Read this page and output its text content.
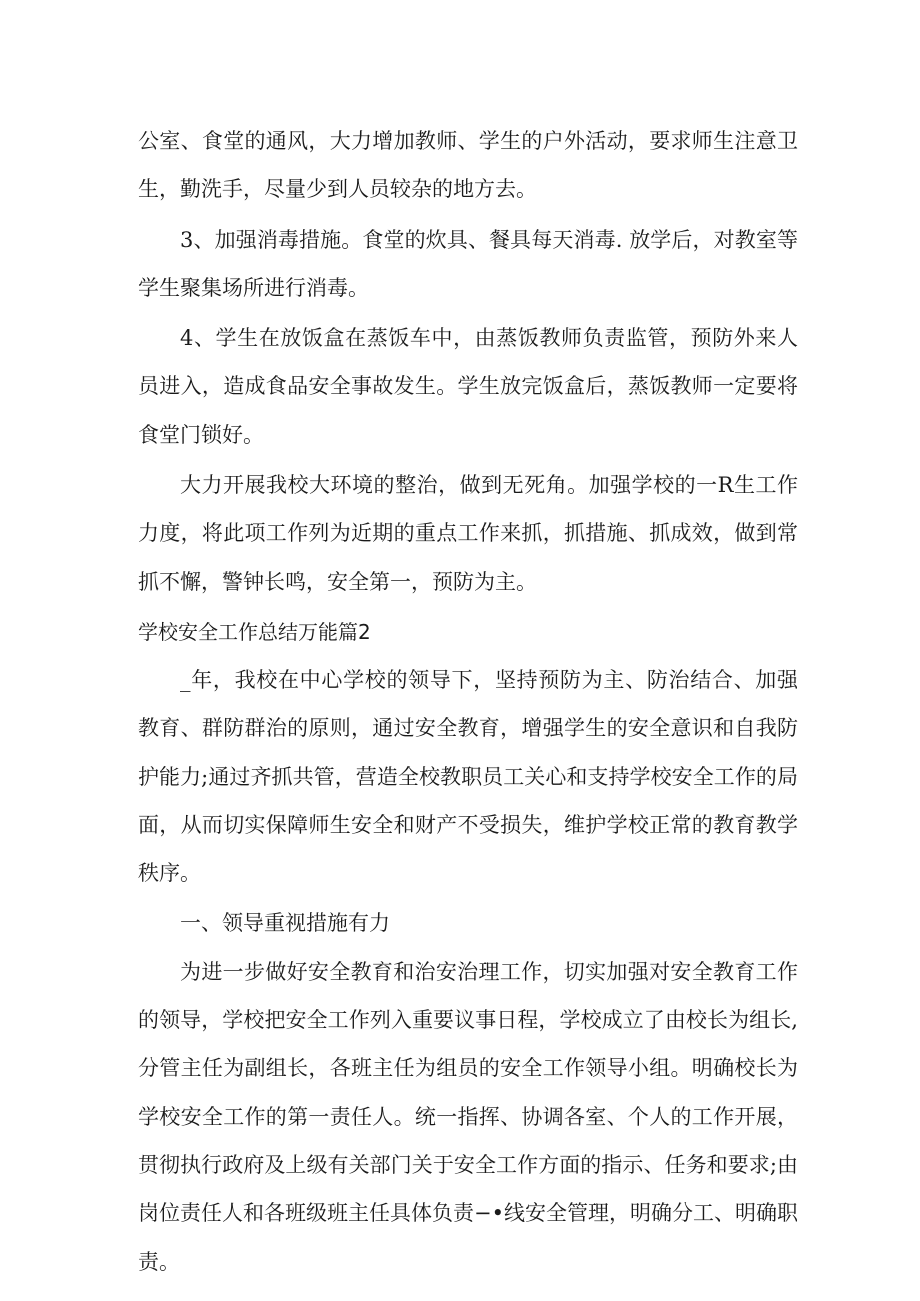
公室、食堂的通风，大力增加教师、学生的户外活动，要求师生注意卫生，勤洗手，尽量少到人员较杂的地方去。

3、加强消毒措施。食堂的炊具、餐具每天消毒. 放学后，对教室等学生聚集场所进行消毒。

4、学生在放饭盒在蒸饭车中，由蒸饭教师负责监管，预防外来人员进入，造成食品安全事故发生。学生放完饭盒后，蒸饭教师一定要将食堂门锁好。

大力开展我校大环境的整治，做到无死角。加强学校的一R生工作力度，将此项工作列为近期的重点工作来抓，抓措施、抓成效，做到常抓不懈，警钟长鸣，安全第一，预防为主。

学校安全工作总结万能篇2

_年，我校在中心学校的领导下，坚持预防为主、防治结合、加强教育、群防群治的原则，通过安全教育，增强学生的安全意识和自我防护能力;通过齐抓共管，营造全校教职员工关心和支持学校安全工作的局面，从而切实保障师生安全和财产不受损失，维护学校正常的教育教学秩序。

一、领导重视措施有力

为进一步做好安全教育和治安治理工作，切实加强对安全教育工作的领导，学校把安全工作列入重要议事日程，学校成立了由校长为组长, 分管主任为副组长，各班主任为组员的安全工作领导小组。明确校长为学校安全工作的第一责任人。统一指挥、协调各室、个人的工作开展，贯彻执行政府及上级有关部门关于安全工作方面的指示、任务和要求;由岗位责任人和各班级班主任具体负责−•线安全管理，明确分工、明确职责。
